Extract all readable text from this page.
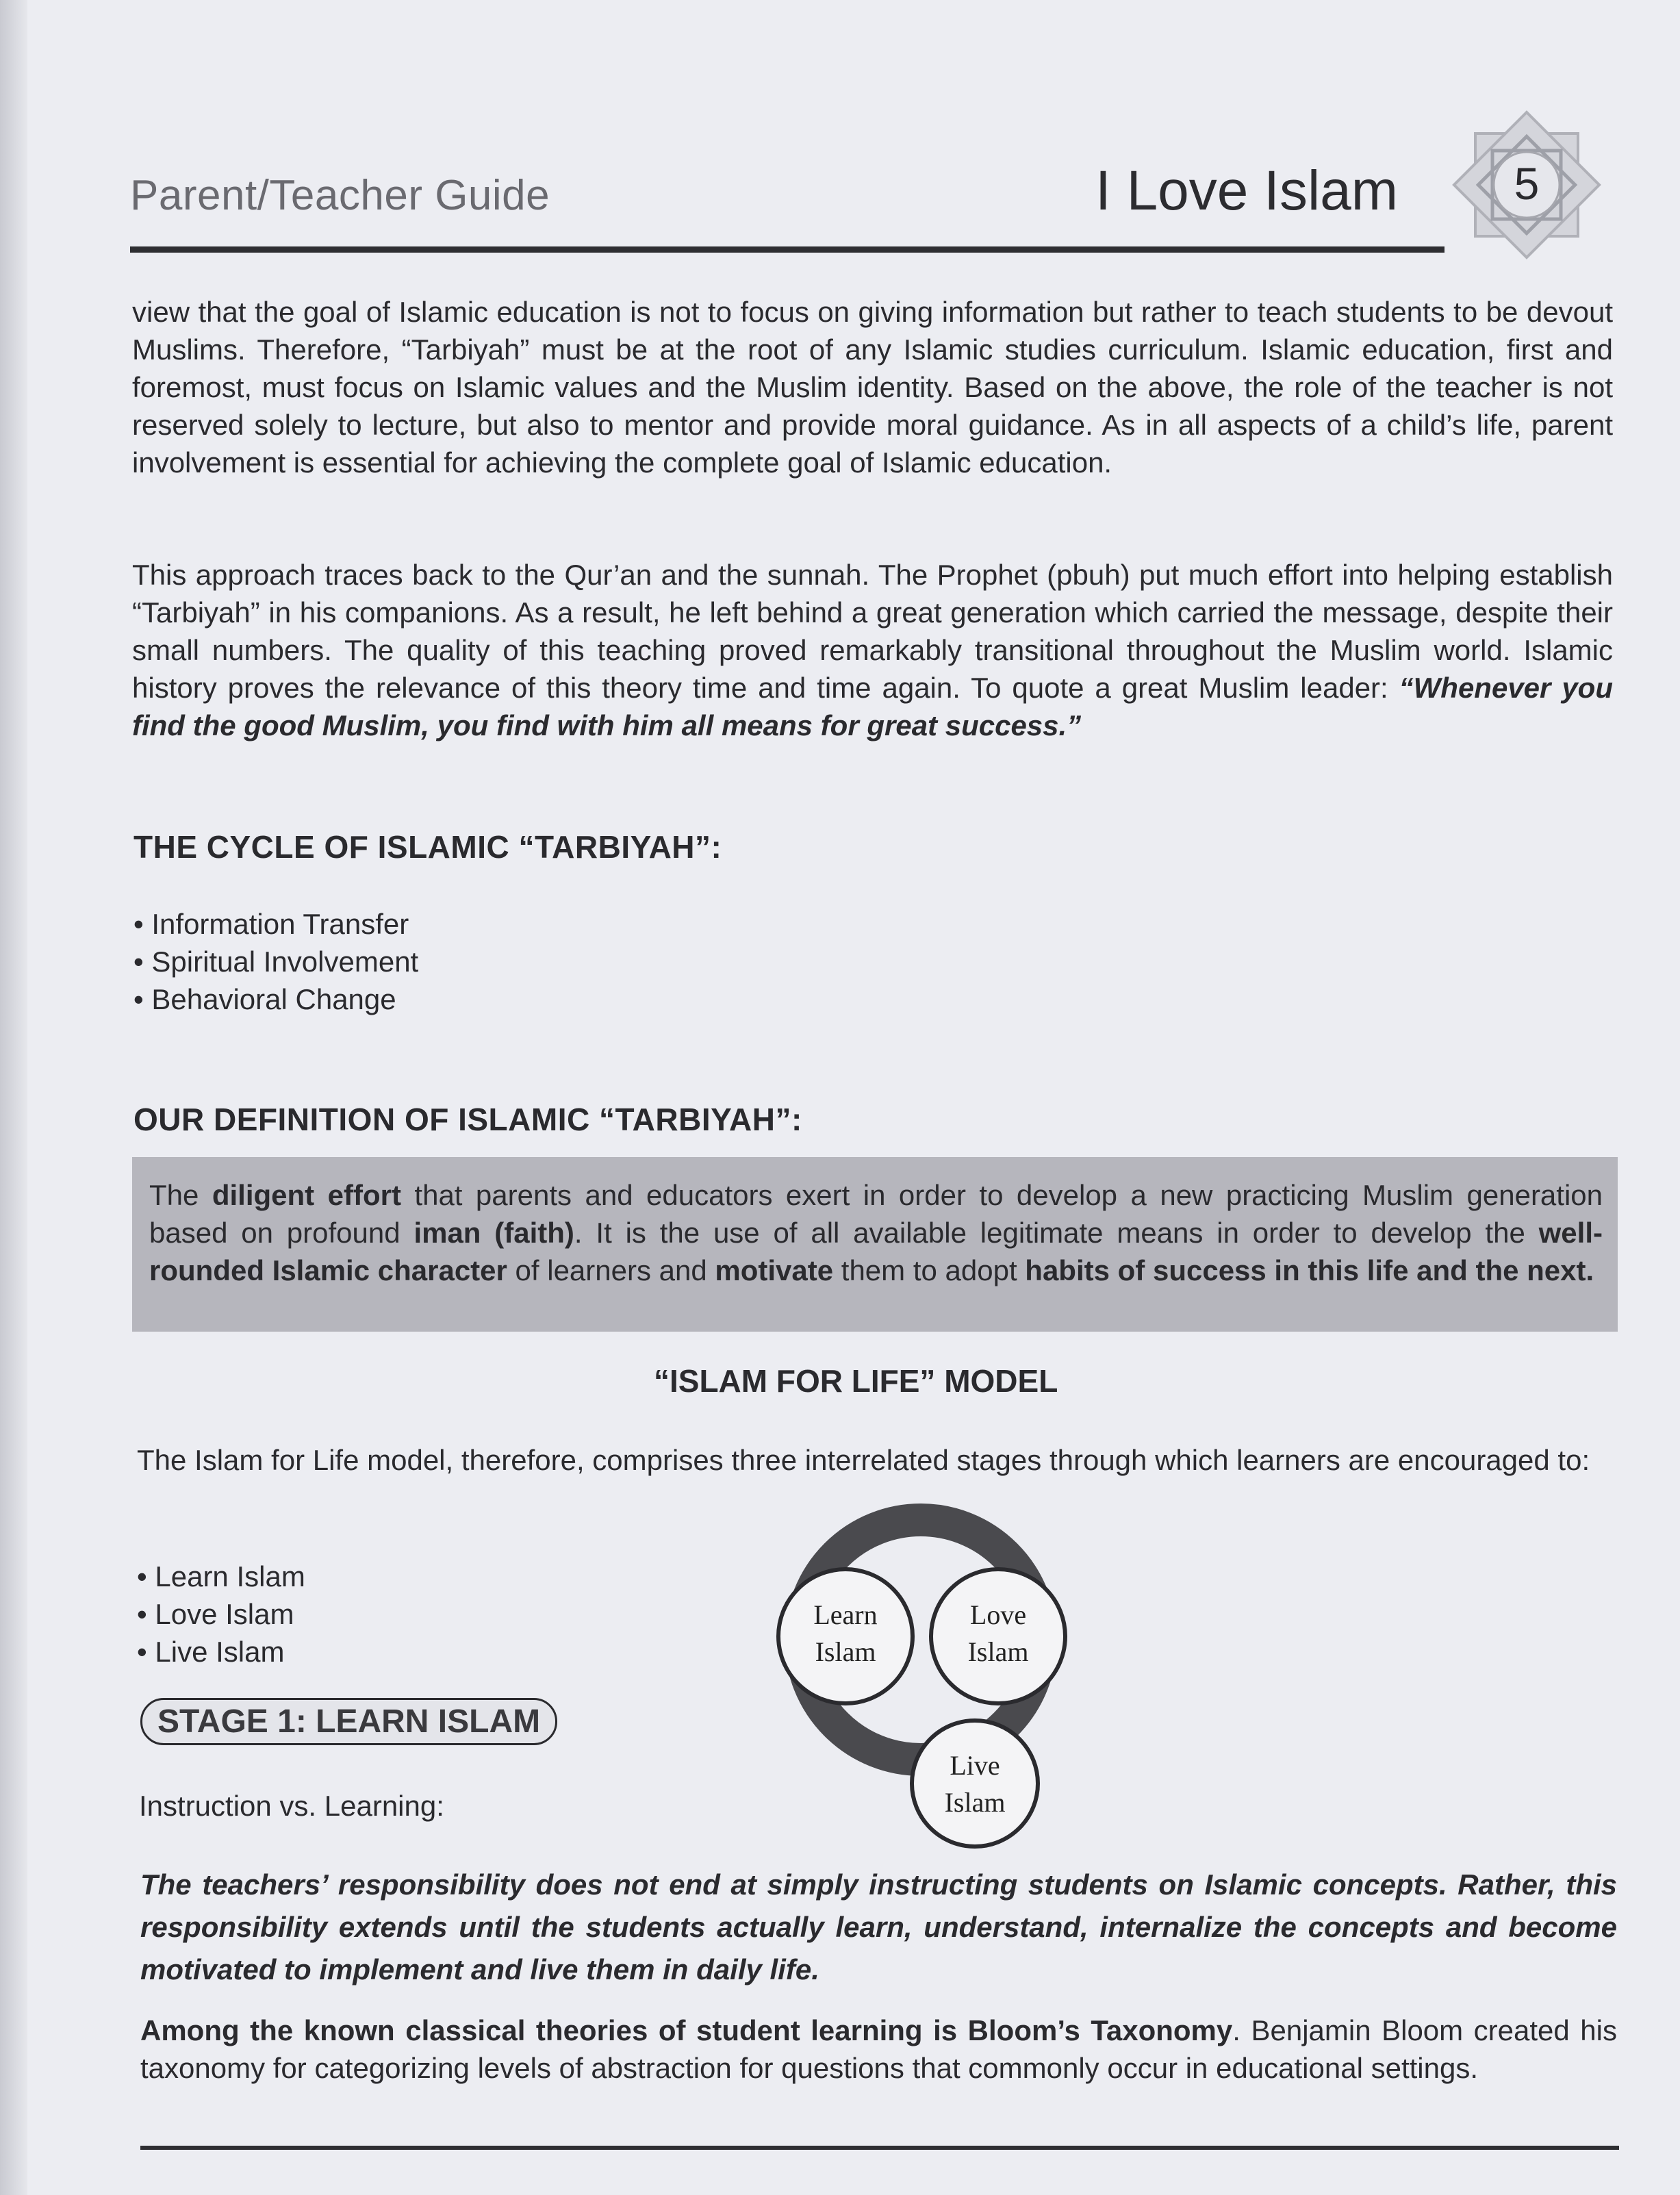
Parent/Teacher Guide	I Love Islam	5
view that the goal of Islamic education is not to focus on giving information but rather to teach students to be devout Muslims. Therefore, “Tarbiyah” must be at the root of any Islamic studies curriculum. Islamic education, first and foremost, must focus on Islamic values and the Muslim identity. Based on the above, the role of the teacher is not reserved solely to lecture, but also to mentor and provide moral guidance. As in all aspects of a child’s life, parent involvement is essential for achieving the complete goal of Islamic education.
This approach traces back to the Qur’an and the sunnah. The Prophet (pbuh) put much effort into helping establish “Tarbiyah” in his companions. As a result, he left behind a great generation which carried the message, despite their small numbers. The quality of this teaching proved remarkably transitional throughout the Muslim world. Islamic history proves the relevance of this theory time and time again. To quote a great Muslim leader: “Whenever you find the good Muslim, you find with him all means for great success.”
THE CYCLE OF ISLAMIC “TARBIYAH”:
• Information Transfer
• Spiritual Involvement
• Behavioral Change
OUR DEFINITION OF ISLAMIC “TARBIYAH”:
The diligent effort that parents and educators exert in order to develop a new practicing Muslim generation based on profound iman (faith). It is the use of all available legitimate means in order to develop the well-rounded Islamic character of learners and motivate them to adopt habits of success in this life and the next.
“ISLAM FOR LIFE” MODEL
The Islam for Life model, therefore, comprises three interrelated stages through which learners are encouraged to:
• Learn Islam
• Love Islam
• Live Islam
Learn
Islam
Love
Islam
Live
Islam
STAGE 1: LEARN ISLAM
Instruction vs. Learning:
The teachers’ responsibility does not end at simply instructing students on Islamic concepts. Rather, this responsibility extends until the students actually learn, understand, internalize the concepts and become motivated to implement and live them in daily life.
Among the known classical theories of student learning is Bloom’s Taxonomy. Benjamin Bloom created his taxonomy for categorizing levels of abstraction for questions that commonly occur in educational settings.
